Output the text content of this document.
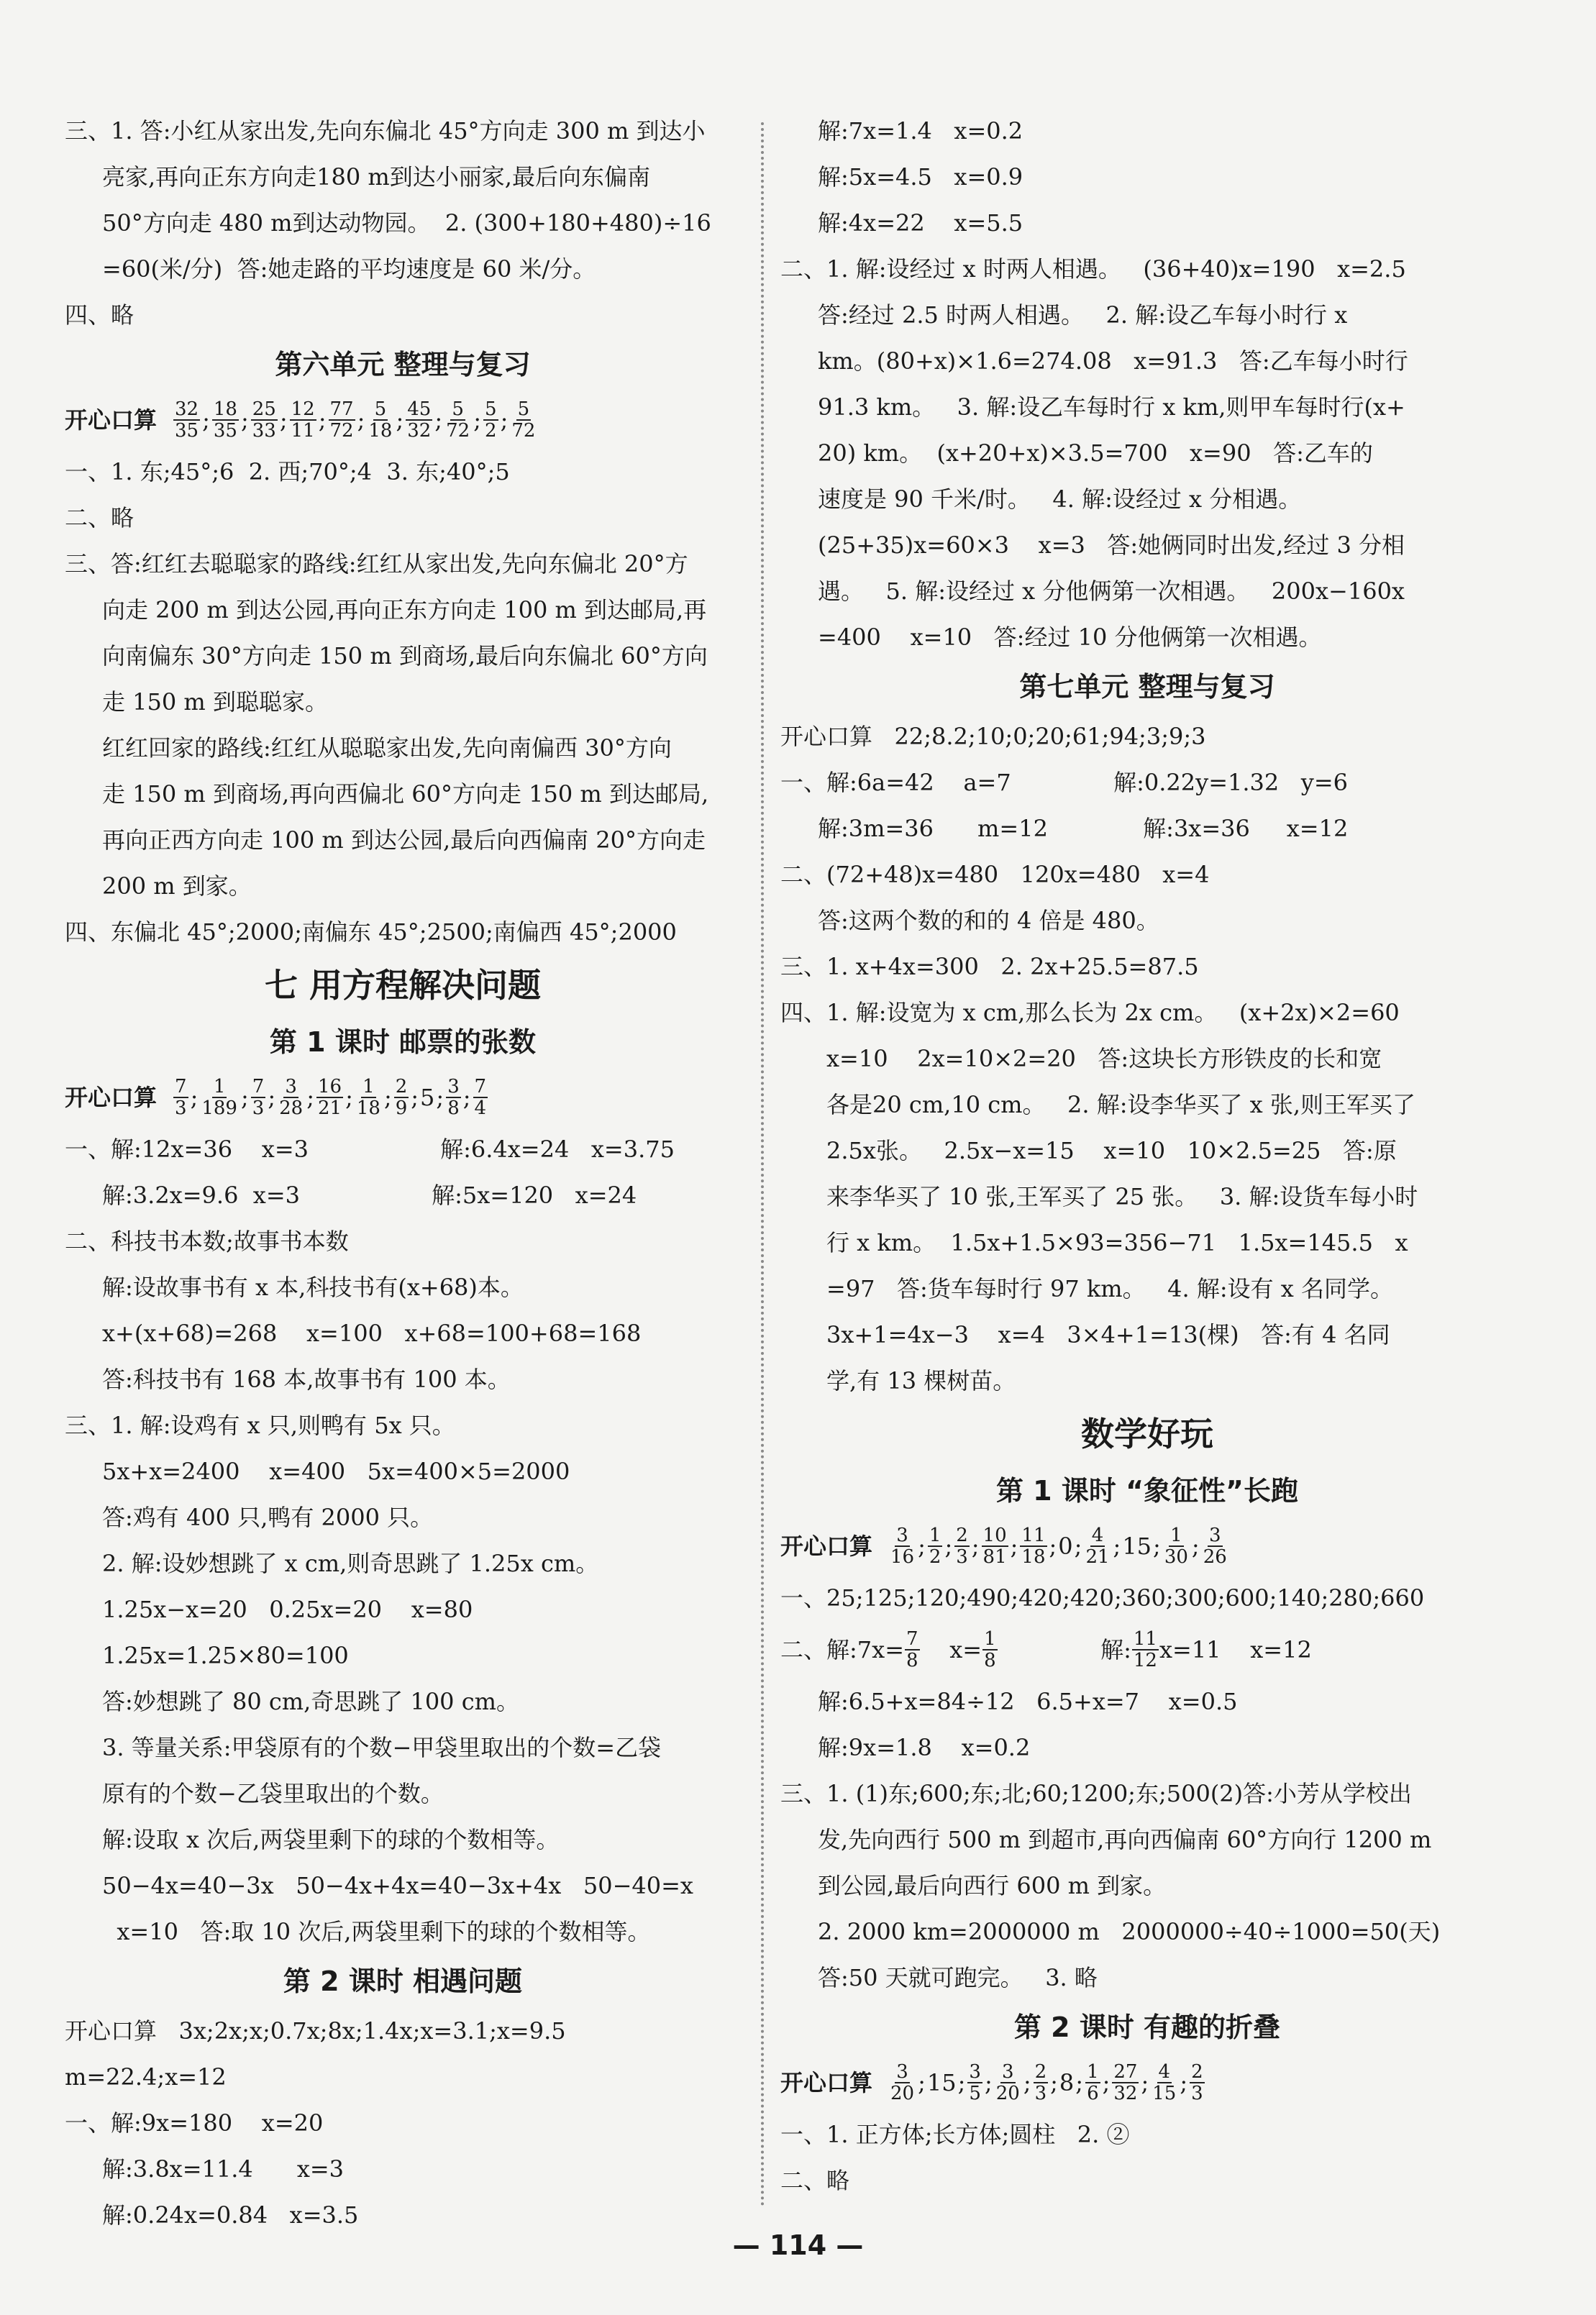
三、1. 答:小红从家出发,先向东偏北 45°方向走 300 m 到达小
亮家,再向正东方向走180 m到达小丽家,最后向东偏南
50°方向走 480 m到达动物园。  2. (300+180+480)÷16
=60(米/分)  答:她走路的平均速度是 60 米/分。
四、略
第六单元 整理与复习
开心口算 $\frac{32}{35}$ ; $\frac{18}{35}$ ; $\frac{25}{33}$ ; $\frac{12}{11}$ ; $\frac{77}{72}$ ; $\frac{5}{18}$ ; $\frac{45}{32}$ ; $\frac{5}{72}$ ; $\frac{5}{2}$ ; $\frac{5}{72}$
一、1. 东;45°;6  2. 西;70°;4  3. 东;40°;5
二、略
三、答:红红去聪聪家的路线:红红从家出发,先向东偏北 20°方
向走 200 m 到达公园,再向正东方向走 100 m 到达邮局,再
向南偏东 30°方向走 150 m 到商场,最后向东偏北 60°方向
走 150 m 到聪聪家。
红红回家的路线:红红从聪聪家出发,先向南偏西 30°方向
走 150 m 到商场,再向西偏北 60°方向走 150 m 到达邮局,
再向正西方向走 100 m 到达公园,最后向西偏南 20°方向走
200 m 到家。
四、东偏北 45°;2000;南偏东 45°;2500;南偏西 45°;2000
七 用方程解决问题
第 1 课时 邮票的张数
开心口算 $\frac{7}{3}$ ; $\frac{1}{189}$ ; $\frac{7}{3}$ ; $\frac{3}{28}$ ; $\frac{16}{21}$ ; $\frac{1}{18}$ ; $\frac{2}{9}$ ; 5 ; $\frac{3}{8}$ ; $\frac{7}{4}$
一、解:12x=36    x=3                  解:6.4x=24   x=3.75
解:3.2x=9.6  x=3                  解:5x=120   x=24
二、科技书本数;故事书本数
解:设故事书有 x 本,科技书有(x+68)本。
x+(x+68)=268    x=100   x+68=100+68=168
答:科技书有 168 本,故事书有 100 本。
三、1. 解:设鸡有 x 只,则鸭有 5x 只。
5x+x=2400    x=400   5x=400×5=2000
答:鸡有 400 只,鸭有 2000 只。
2. 解:设妙想跳了 x cm,则奇思跳了 1.25x cm。
1.25x−x=20   0.25x=20    x=80
1.25x=1.25×80=100
答:妙想跳了 80 cm,奇思跳了 100 cm。
3. 等量关系:甲袋原有的个数−甲袋里取出的个数=乙袋
原有的个数−乙袋里取出的个数。
解:设取 x 次后,两袋里剩下的球的个数相等。
50−4x=40−3x   50−4x+4x=40−3x+4x   50−40=x
x=10   答:取 10 次后,两袋里剩下的球的个数相等。
第 2 课时 相遇问题
开心口算   3x;2x;x;0.7x;8x;1.4x;x=3.1;x=9.5
m=22.4;x=12
一、解:9x=180    x=20
解:3.8x=11.4      x=3
解:0.24x=0.84   x=3.5
解:7x=1.4   x=0.2
解:5x=4.5   x=0.9
解:4x=22    x=5.5
二、1. 解:设经过 x 时两人相遇。   (36+40)x=190   x=2.5
答:经过 2.5 时两人相遇。   2. 解:设乙车每小时行 x
km。(80+x)×1.6=274.08   x=91.3   答:乙车每小时行
91.3 km。   3. 解:设乙车每时行 x km,则甲车每时行(x+
20) km。  (x+20+x)×3.5=700   x=90   答:乙车的
速度是 90 千米/时。   4. 解:设经过 x 分相遇。
(25+35)x=60×3    x=3   答:她俩同时出发,经过 3 分相
遇。   5. 解:设经过 x 分他俩第一次相遇。   200x−160x
=400    x=10   答:经过 10 分他俩第一次相遇。
第七单元 整理与复习
开心口算   22;8.2;10;0;20;61;94;3;9;3
一、解:6a=42    a=7              解:0.22y=1.32   y=6
解:3m=36      m=12             解:3x=36     x=12
二、(72+48)x=480   120x=480   x=4
答:这两个数的和的 4 倍是 480。
三、1. x+4x=300   2. 2x+25.5=87.5
四、1. 解:设宽为 x cm,那么长为 2x cm。   (x+2x)×2=60
x=10    2x=10×2=20   答:这块长方形铁皮的长和宽
各是20 cm,10 cm。   2. 解:设李华买了 x 张,则王军买了
2.5x张。   2.5x−x=15    x=10   10×2.5=25   答:原
来李华买了 10 张,王军买了 25 张。   3. 解:设货车每小时
行 x km。  1.5x+1.5×93=356−71   1.5x=145.5   x
=97   答:货车每时行 97 km。   4. 解:设有 x 名同学。
3x+1=4x−3    x=4   3×4+1=13(棵)   答:有 4 名同
学,有 13 棵树苗。
数学好玩
第 1 课时 “象征性”长跑
开心口算 $\frac{3}{16}$ ; $\frac{1}{2}$ ; $\frac{2}{3}$ ; $\frac{10}{81}$ ; $\frac{11}{18}$ ; 0 ; $\frac{4}{21}$ ; 15 ; $\frac{1}{30}$ ; $\frac{3}{26}$
一、25;125;120;490;420;420;360;300;600;140;280;660
二、解:7x= $\frac{7}{8} x= \frac{1}{8}$ 解: $\frac{11}{12} x=11$    x=12
解:6.5+x=84÷12   6.5+x=7    x=0.5
解:9x=1.8    x=0.2
三、1. (1)东;600;东;北;60;1200;东;500(2)答:小芳从学校出
发,先向西行 500 m 到超市,再向西偏南 60°方向行 1200 m
到公园,最后向西行 600 m 到家。
2. 2000 km=2000000 m   2000000÷40÷1000=50(天)
答:50 天就可跑完。   3. 略
第 2 课时 有趣的折叠
开心口算 $\frac{3}{20}$ ; 15 ; $\frac{3}{5}$ ; $\frac{3}{20}$ ; $\frac{2}{3}$ ; 8 ; $\frac{1}{6}$ ; $\frac{27}{32}$ ; $\frac{4}{15}$ ; $\frac{2}{3}$
一、1. 正方体;长方体;圆柱   2. ②
二、略
— 114 —
